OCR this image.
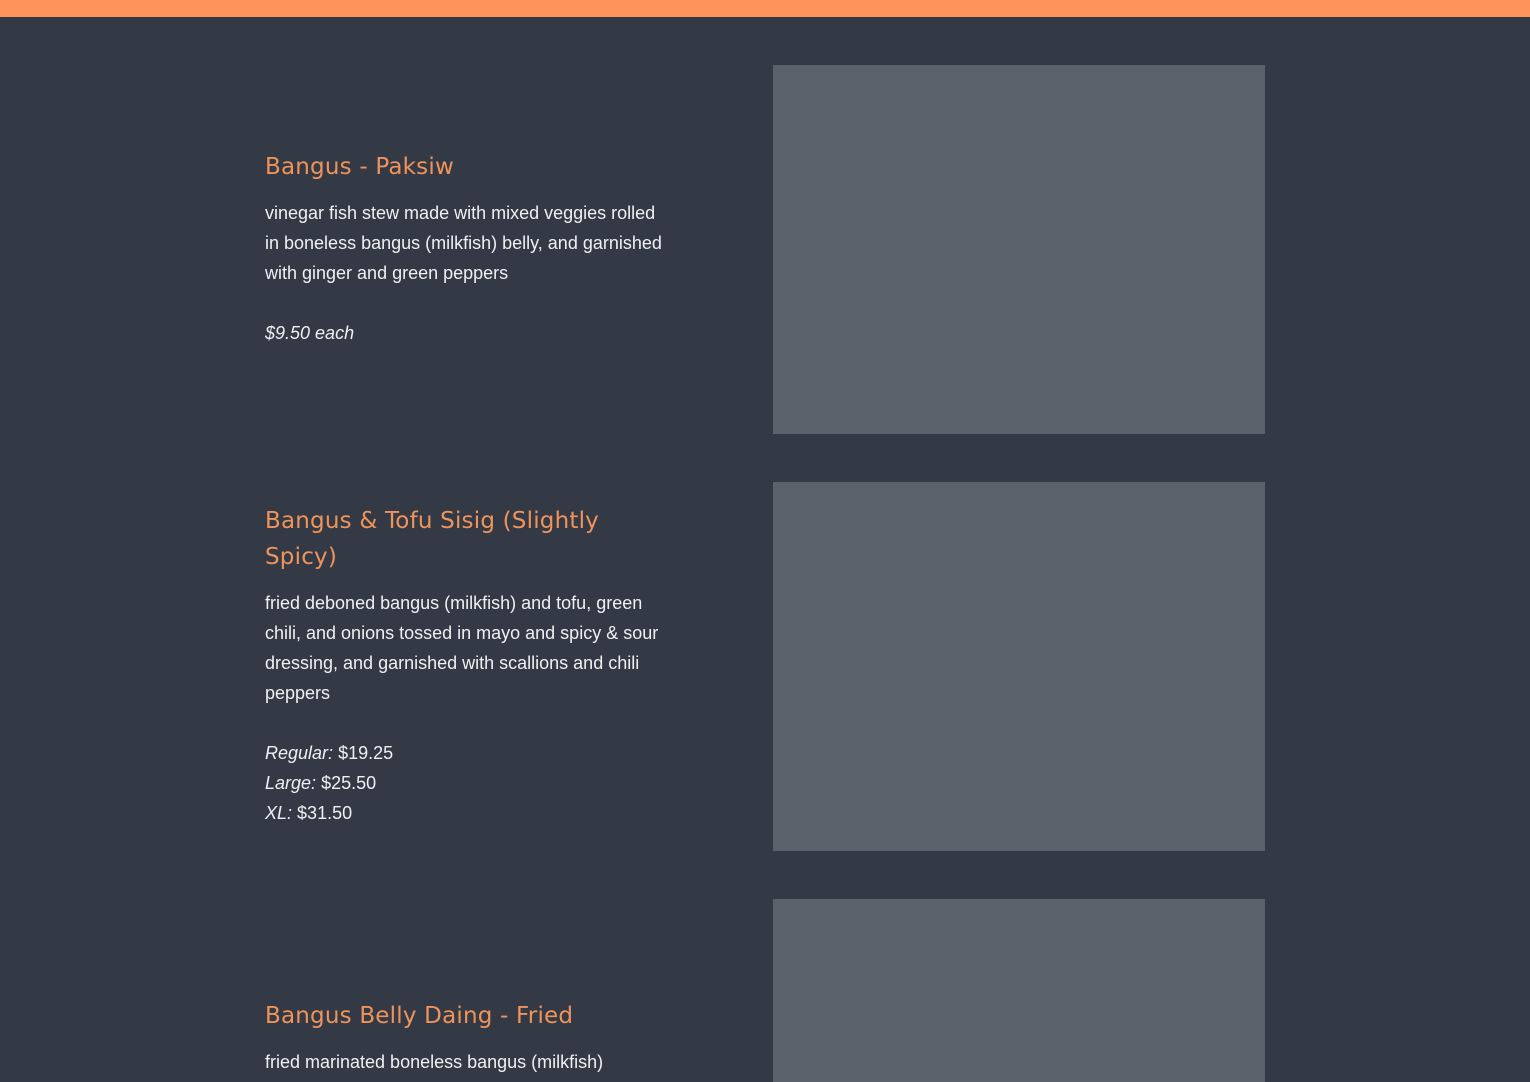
Bangus - Paksiw

vinegar fish stew made with mixed veggies rolled in boneless bangus (milkfish) belly, and garnished with ginger and green peppers

$9.50 each
Bangus & Tofu Sisig (Slightly Spicy)

fried deboned bangus (milkfish) and tofu, green chili, and onions tossed in mayo and spicy & sour dressing, and garnished with scallions and chili peppers

Regular: $19.25
Large: $25.50
XL: $31.50
Bangus Belly Daing - Fried

fried marinated boneless bangus (milkfish)
